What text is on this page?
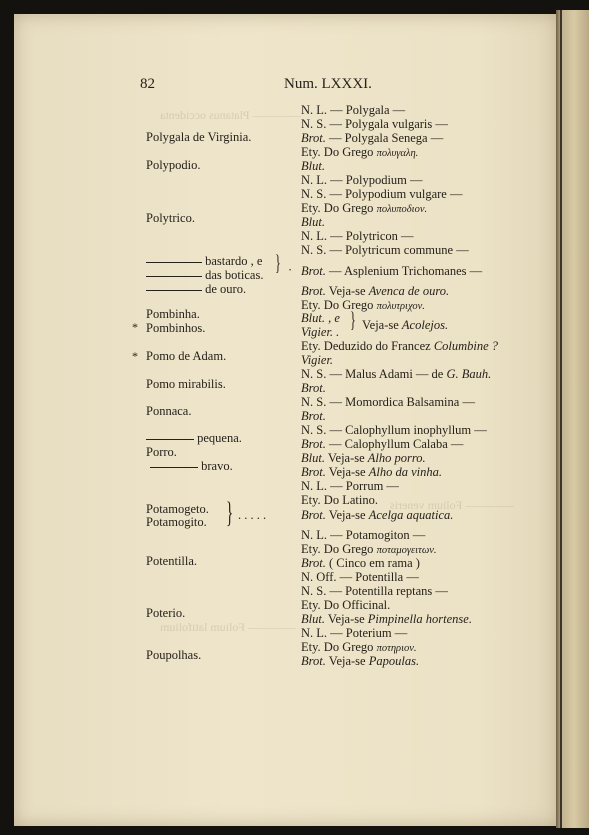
———— Platanus occidenta
———— Folium veneris
———— Folium latifolium
82	Num. LXXXI.
Polygala de Virginia.
Polypodio.
Polytrico.
bastardo , e
das boticas. } ·
de ouro.
Pombinha.
* Pombinhos.
* Pomo de Adam.
Pomo mirabilis.
Ponnaca.
pequena.
Porro.
bravo.
Potamogeto.
Potamogito. } . . . . .
Potentilla.
Poterio.
Poupolhas.
N. L. — Polygala —
N. S. — Polygala vulgaris —
Brot. — Polygala Senega —
Ety. Do Grego πολυγαλη.
Blut.
N. L. — Polypodium —
N. S. — Polypodium vulgare —
Ety. Do Grego πολυποδιον.
Blut.
N. L. — Polytricon —
N. S. — Polytricum commune —
Brot. — Asplenium Trichomanes —
Brot. Veja-se Avenca de ouro.
Ety. Do Grego πολυτριχον.
Blut. , e
Vigier. . } Veja-se Acolejos.
Ety. Deduzido do Francez Columbine ?
Vigier.
N. S. — Malus Adami — de G. Bauh.
Brot.
N. S. — Momordica Balsamina —
Brot.
N. S. — Calophyllum inophyllum —
Brot. — Calophyllum Calaba —
Blut. Veja-se Alho porro.
Brot. Veja-se Alho da vinha.
N. L. — Porrum —
Ety. Do Latino.
Brot. Veja-se Acelga aquatica.
N. L. — Potamogiton —
Ety. Do Grego ποταμογειτων.
Brot. ( Cinco em rama )
N. Off. — Potentilla —
N. S. — Potentilla reptans —
Ety. Do Officinal.
Blut. Veja-se Pimpinella hortense.
N. L. — Poterium —
Ety. Do Grego ποτηριον.
Brot. Veja-se Papoulas.
